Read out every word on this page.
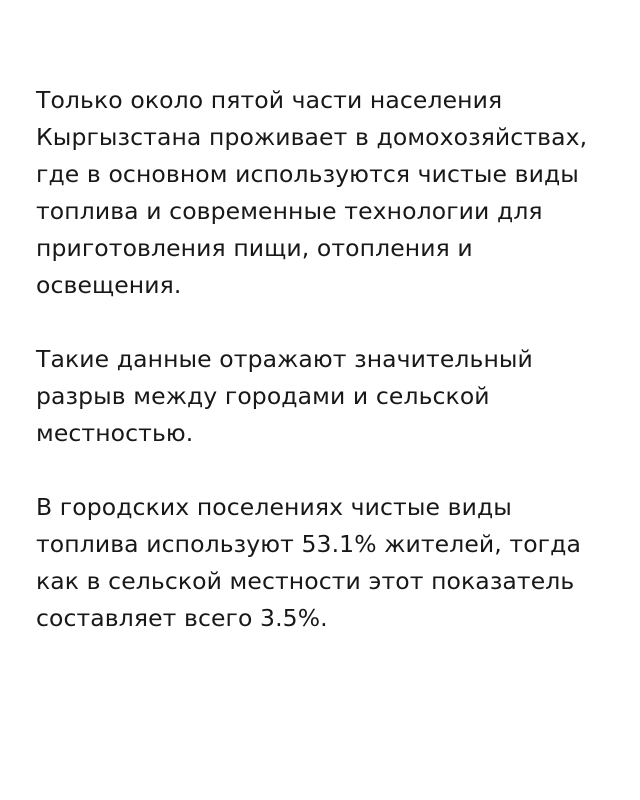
Только около пятой части населения Кыргызстана проживает в домохозяйствах, где в основном используются чистые виды топлива и современные технологии для приготовления пищи, отопления и освещения.

Такие данные отражают значительный разрыв между городами и сельской местностью.

В городских поселениях чистые виды топлива используют 53.1% жителей, тогда как в сельской местности этот показатель составляет всего 3.5%.
